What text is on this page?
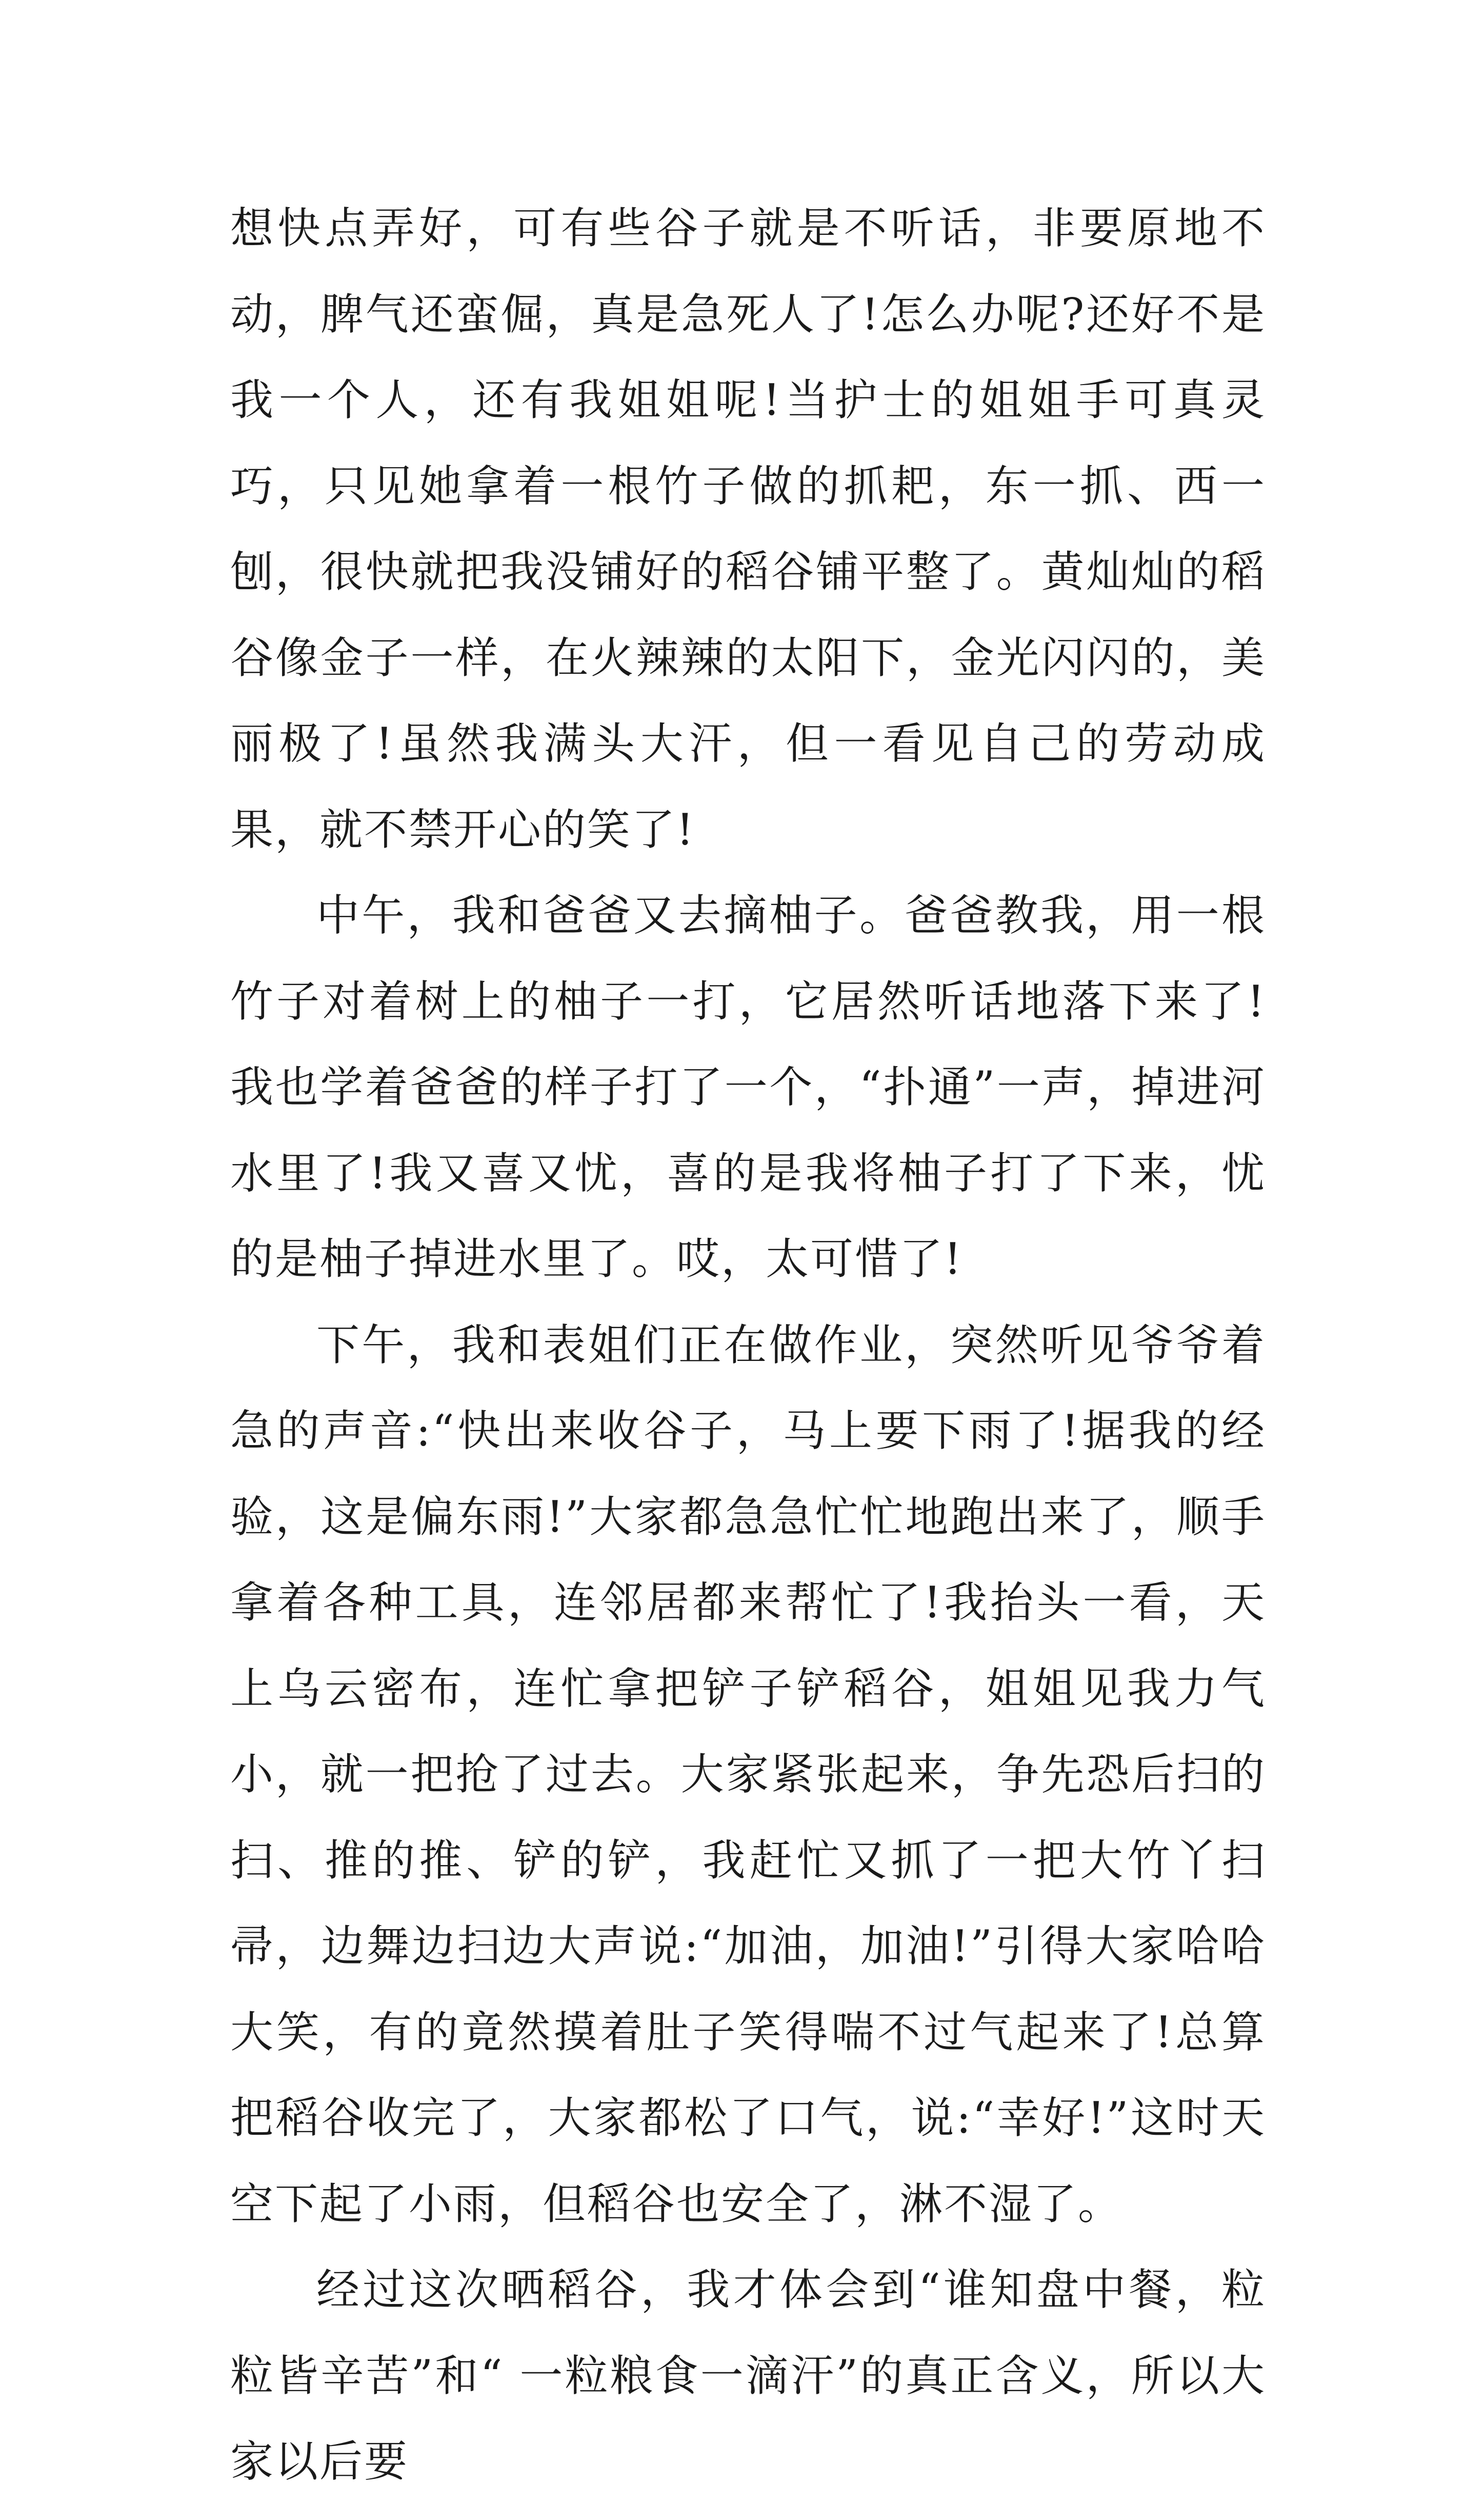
想快点弄好，可有些谷子就是不听话，非要原地不动，脾气还蛮倔，真是急死人了!怎么办呢?还好不是我一个人，还有我姐姐呢!当护士的姐姐手可真灵巧，只见她拿着一根竹子做的抓耙，东一抓、西一刨，很快就把我没铺好的稻谷铺平整了。黄灿灿的稻谷像金子一样，在火辣辣的太阳下，金光闪闪的，美丽极了!虽然我满头大汗，但一看见自己的劳动成果，就不禁开心的笑了!

中午，我和爸爸又去摘柚子。爸爸教我，用一根竹子对着树上的柚子一打，它居然听话地落下来了!我也学着爸爸的样子打了一个，“扑通”一声，掉进河水里了!我又喜又忧，喜的是我将柚子打了下来，忧的是柚子掉进水里了。哎，太可惜了!

下午，我和表姐们正在做作业，突然听见爷爷着急的声音:“快出来收谷子，马上要下雨了!据我的经验，这是偏东雨!”大家都急急忙忙地跑出来了，顺手拿着各种工具，连邻居都来帮忙了!我抬头一看，天上乌云密布，连忙拿把铲子铲稻谷，姐姐见我力气小，就一把抢了过去。大家紧张起来，争先恐后扫的扫、推的推、铲的铲，我赶忙又抓了一把大竹丫扫帚，边舞边扫边大声说:“加油，加油!”引得大家哈哈大笑，有的竟然摸着肚子笑得喘不过气起来了!总算把稻谷收完了，大家都松了口气，说:“幸好!”这时天空下起了小雨，但稻谷也安全了，淋不湿了。

经过这次晒稻谷，我才体会到“谁知盘中餐，粒粒皆辛苦”和“ 一粒粮食一滴汗”的真正含义，所以大家以后要
